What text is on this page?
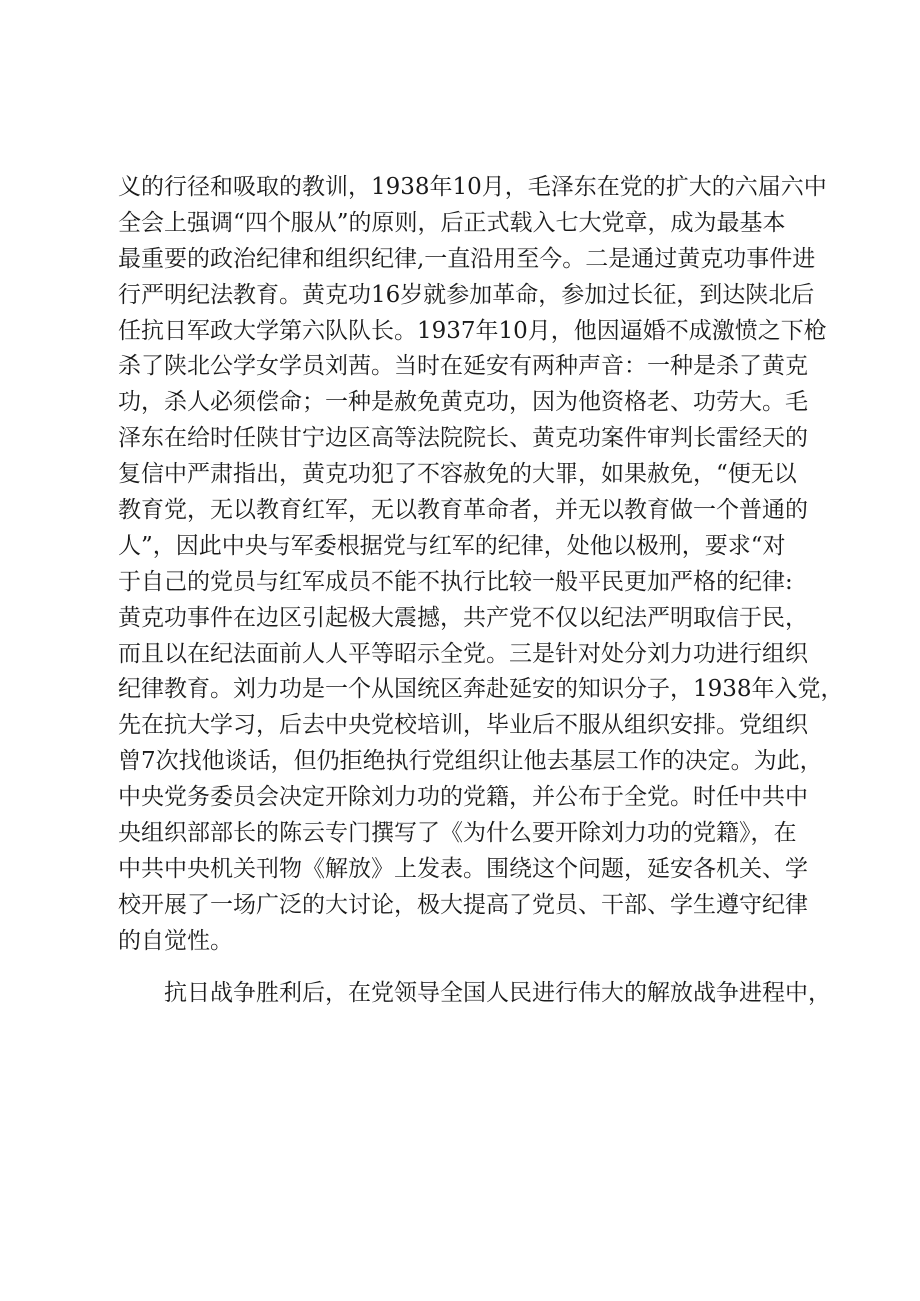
义的行径和吸取的教训，1938年10月，毛泽东在党的扩大的六届六中
全会上强调“四个服从”的原则，后正式载入七大党章，成为最基本
最重要的政治纪律和组织纪律,一直沿用至今。二是通过黄克功事件进
行严明纪法教育。黄克功16岁就参加革命，参加过长征，到达陕北后
任抗日军政大学第六队队长。1937年10月，他因逼婚不成激愤之下枪
杀了陕北公学女学员刘茜。当时在延安有两种声音：一种是杀了黄克
功，杀人必须偿命；一种是赦免黄克功，因为他资格老、功劳大。毛
泽东在给时任陕甘宁边区高等法院院长、黄克功案件审判长雷经天的
复信中严肃指出，黄克功犯了不容赦免的大罪，如果赦免，“便无以
教育党，无以教育红军，无以教育革命者，并无以教育做一个普通的
人”，因此中央与军委根据党与红军的纪律，处他以极刑，要求“对
于自己的党员与红军成员不能不执行比较一般平民更加严格的纪律:
黄克功事件在边区引起极大震撼，共产党不仅以纪法严明取信于民，
而且以在纪法面前人人平等昭示全党。三是针对处分刘力功进行组织
纪律教育。刘力功是一个从国统区奔赴延安的知识分子，1938年入党，
先在抗大学习，后去中央党校培训，毕业后不服从组织安排。党组织
曾7次找他谈话，但仍拒绝执行党组织让他去基层工作的决定。为此，
中央党务委员会决定开除刘力功的党籍，并公布于全党。时任中共中
央组织部部长的陈云专门撰写了《为什么要开除刘力功的党籍》，在
中共中央机关刊物《解放》上发表。围绕这个问题，延安各机关、学
校开展了一场广泛的大讨论，极大提高了党员、干部、学生遵守纪律
的自觉性。
抗日战争胜利后，在党领导全国人民进行伟大的解放战争进程中，
